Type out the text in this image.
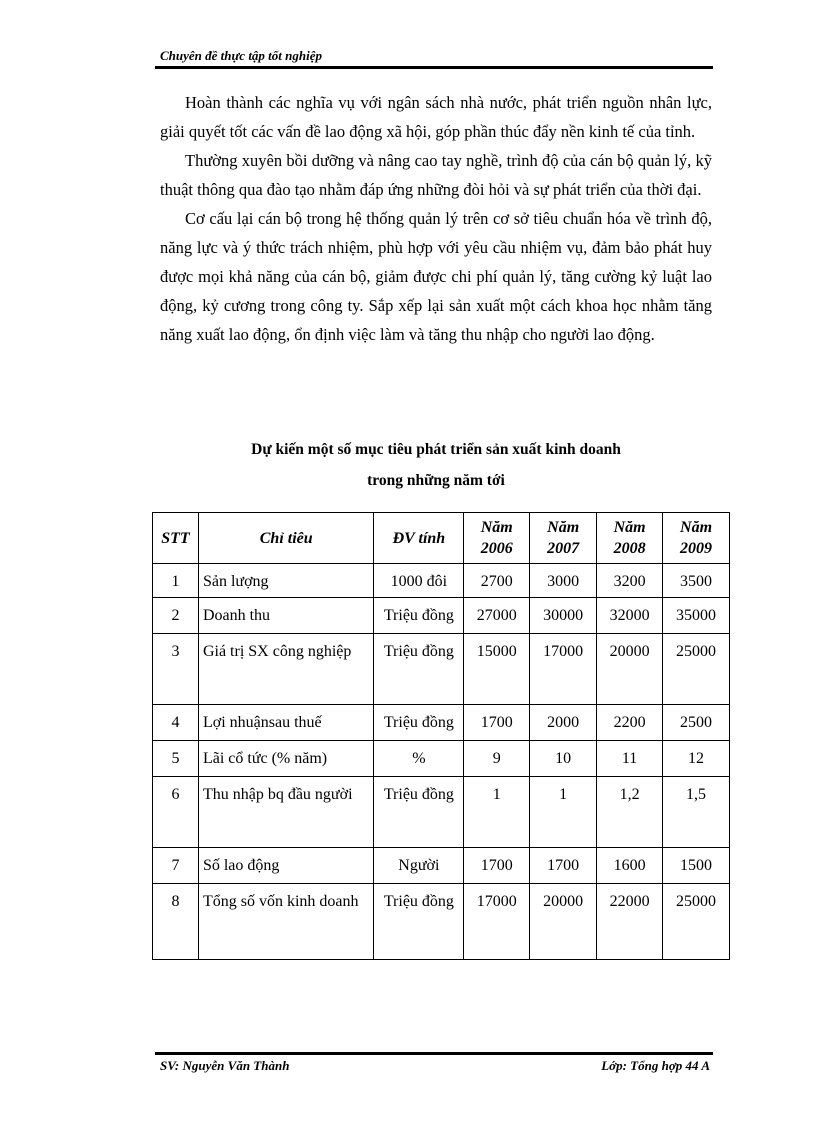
Chuyên đề thực tập tốt nghiệp

Hoàn thành các nghĩa vụ với ngân sách nhà nước, phát triển nguồn nhân lực, giải quyết tốt các vấn đề lao động xã hội, góp phần thúc đẩy nền kinh tế của tỉnh.

Thường xuyên bồi dưỡng và nâng cao tay nghề, trình độ của cán bộ quản lý, kỹ thuật thông qua đào tạo nhằm đáp ứng những đòi hỏi và sự phát triển của thời đại.

Cơ cấu lại cán bộ trong hệ thống quản lý trên cơ sở tiêu chuẩn hóa về trình độ, năng lực và ý thức trách nhiệm, phù hợp với yêu cầu nhiệm vụ, đảm bảo phát huy được mọi khả năng của cán bộ, giảm được chi phí quản lý, tăng cường kỷ luật lao động, kỷ cương trong công ty. Sắp xếp lại sản xuất một cách khoa học nhằm tăng năng xuất lao động, ổn định việc làm và tăng thu nhập cho người lao động.

Dự kiến một số mục tiêu phát triển sản xuất kinh doanh
trong những năm tới
STT	Chỉ tiêu	ĐV tính	Năm 2006	Năm 2007	Năm 2008	Năm 2009
1	Sản lượng	1000 đôi	2700	3000	3200	3500
2	Doanh thu	Triệu đồng	27000	30000	32000	35000
3	Giá trị SX công nghiệp	Triệu đồng	15000	17000	20000	25000
4	Lợi nhuậnsau thuế	Triệu đồng	1700	2000	2200	2500
5	Lãi cổ tức (% năm)	%	9	10	11	12
6	Thu nhập bq đầu người	Triệu đồng	1	1	1,2	1,5
7	Số lao động	Người	1700	1700	1600	1500
8	Tổng số vốn kinh doanh	Triệu đồng	17000	20000	22000	25000
SV: Nguyễn Văn Thành	Lớp: Tổng hợp 44 A
